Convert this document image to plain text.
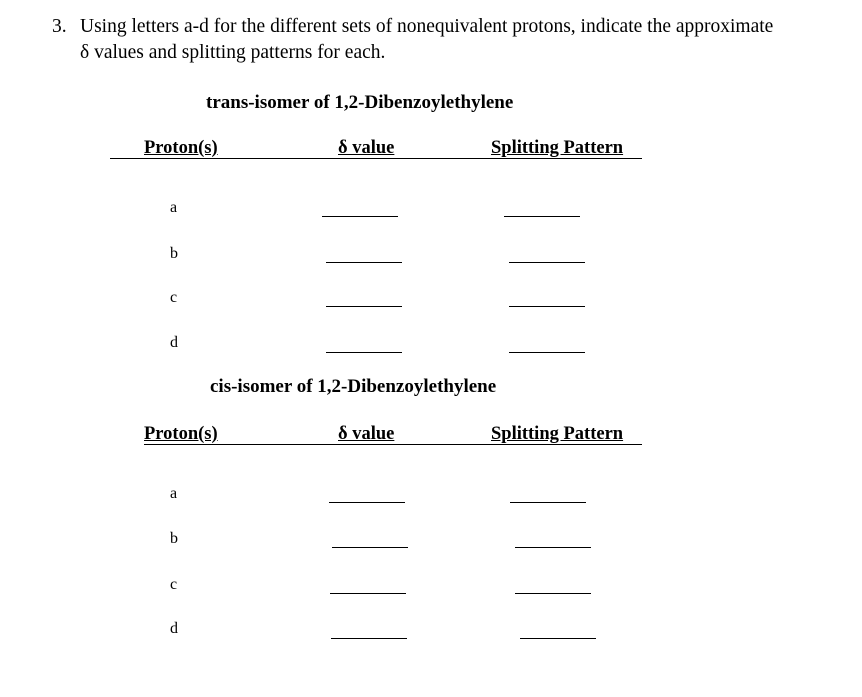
3. Using letters a-d for the different sets of nonequivalent protons, indicate the approximate
δ values and splitting patterns for each.
trans-isomer of 1,2-Dibenzoylethylene
Proton(s)	δ value	Splitting Pattern
a
b
c
d
cis-isomer of 1,2-Dibenzoylethylene
Proton(s)	δ value	Splitting Pattern
a
b
c
d
